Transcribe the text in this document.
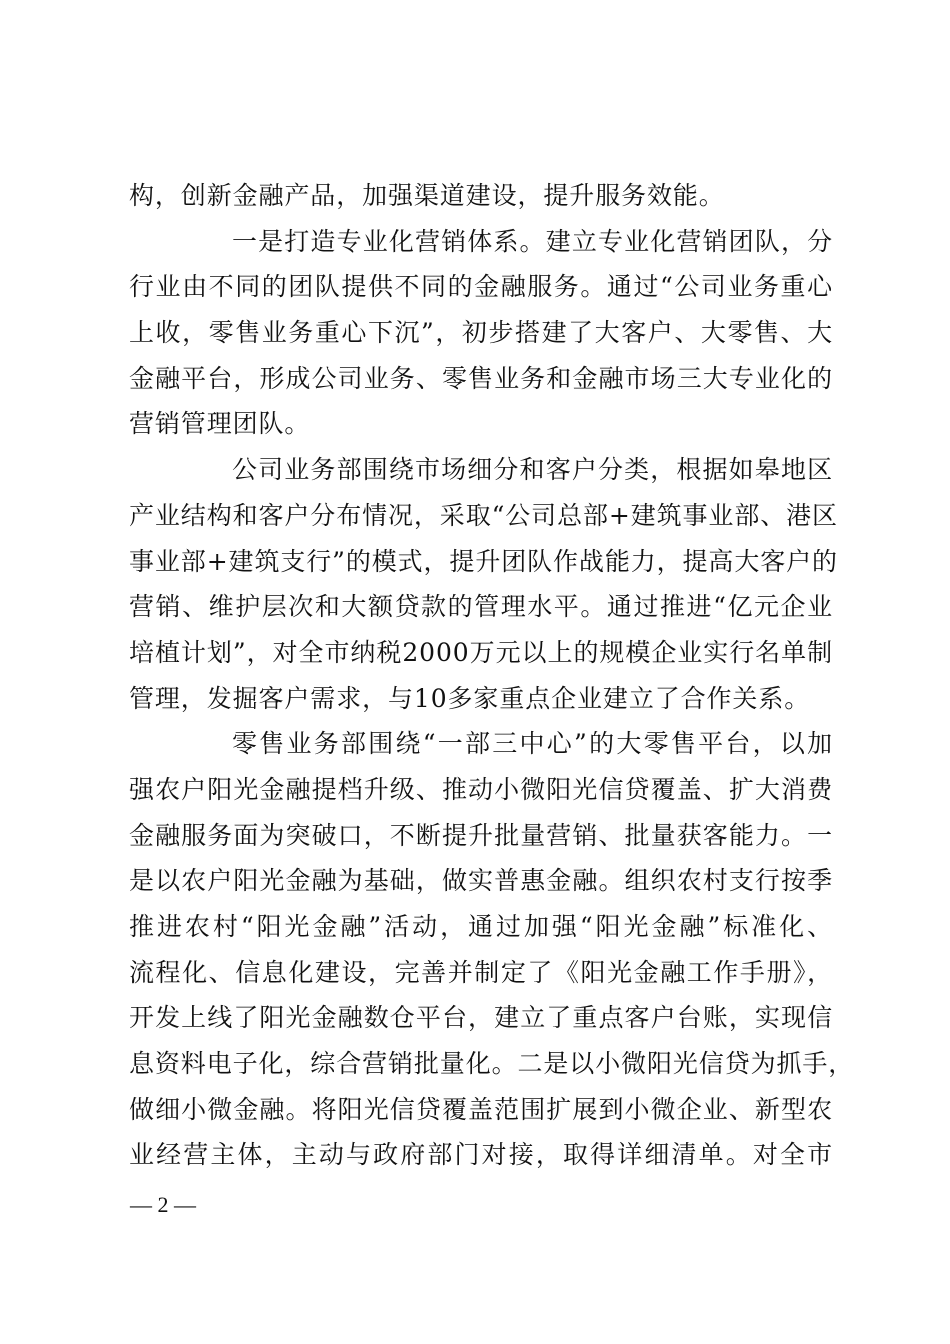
构，创新金融产品，加强渠道建设，提升服务效能。
一是打造专业化营销体系。建立专业化营销团队，分
行业由不同的团队提供不同的金融服务。通过“公司业务重心
上收，零售业务重心下沉”，初步搭建了大客户、大零售、大
金融平台，形成公司业务、零售业务和金融市场三大专业化的
营销管理团队。
公司业务部围绕市场细分和客户分类，根据如皋地区
产业结构和客户分布情况，采取“公司总部+建筑事业部、港区
事业部+建筑支行”的模式，提升团队作战能力，提高大客户的
营销、维护层次和大额贷款的管理水平。通过推进“亿元企业
培植计划”，对全市纳税2000万元以上的规模企业实行名单制
管理，发掘客户需求，与10多家重点企业建立了合作关系。
零售业务部围绕“一部三中心”的大零售平台，以加
强农户阳光金融提档升级、推动小微阳光信贷覆盖、扩大消费
金融服务面为突破口，不断提升批量营销、批量获客能力。一
是以农户阳光金融为基础，做实普惠金融。组织农村支行按季
推进农村“阳光金融”活动，通过加强“阳光金融”标准化、
流程化、信息化建设，完善并制定了《阳光金融工作手册》，
开发上线了阳光金融数仓平台，建立了重点客户台账，实现信
息资料电子化，综合营销批量化。二是以小微阳光信贷为抓手，
做细小微金融。将阳光信贷覆盖范围扩展到小微企业、新型农
业经营主体，主动与政府部门对接，取得详细清单。对全市
— 2 —
